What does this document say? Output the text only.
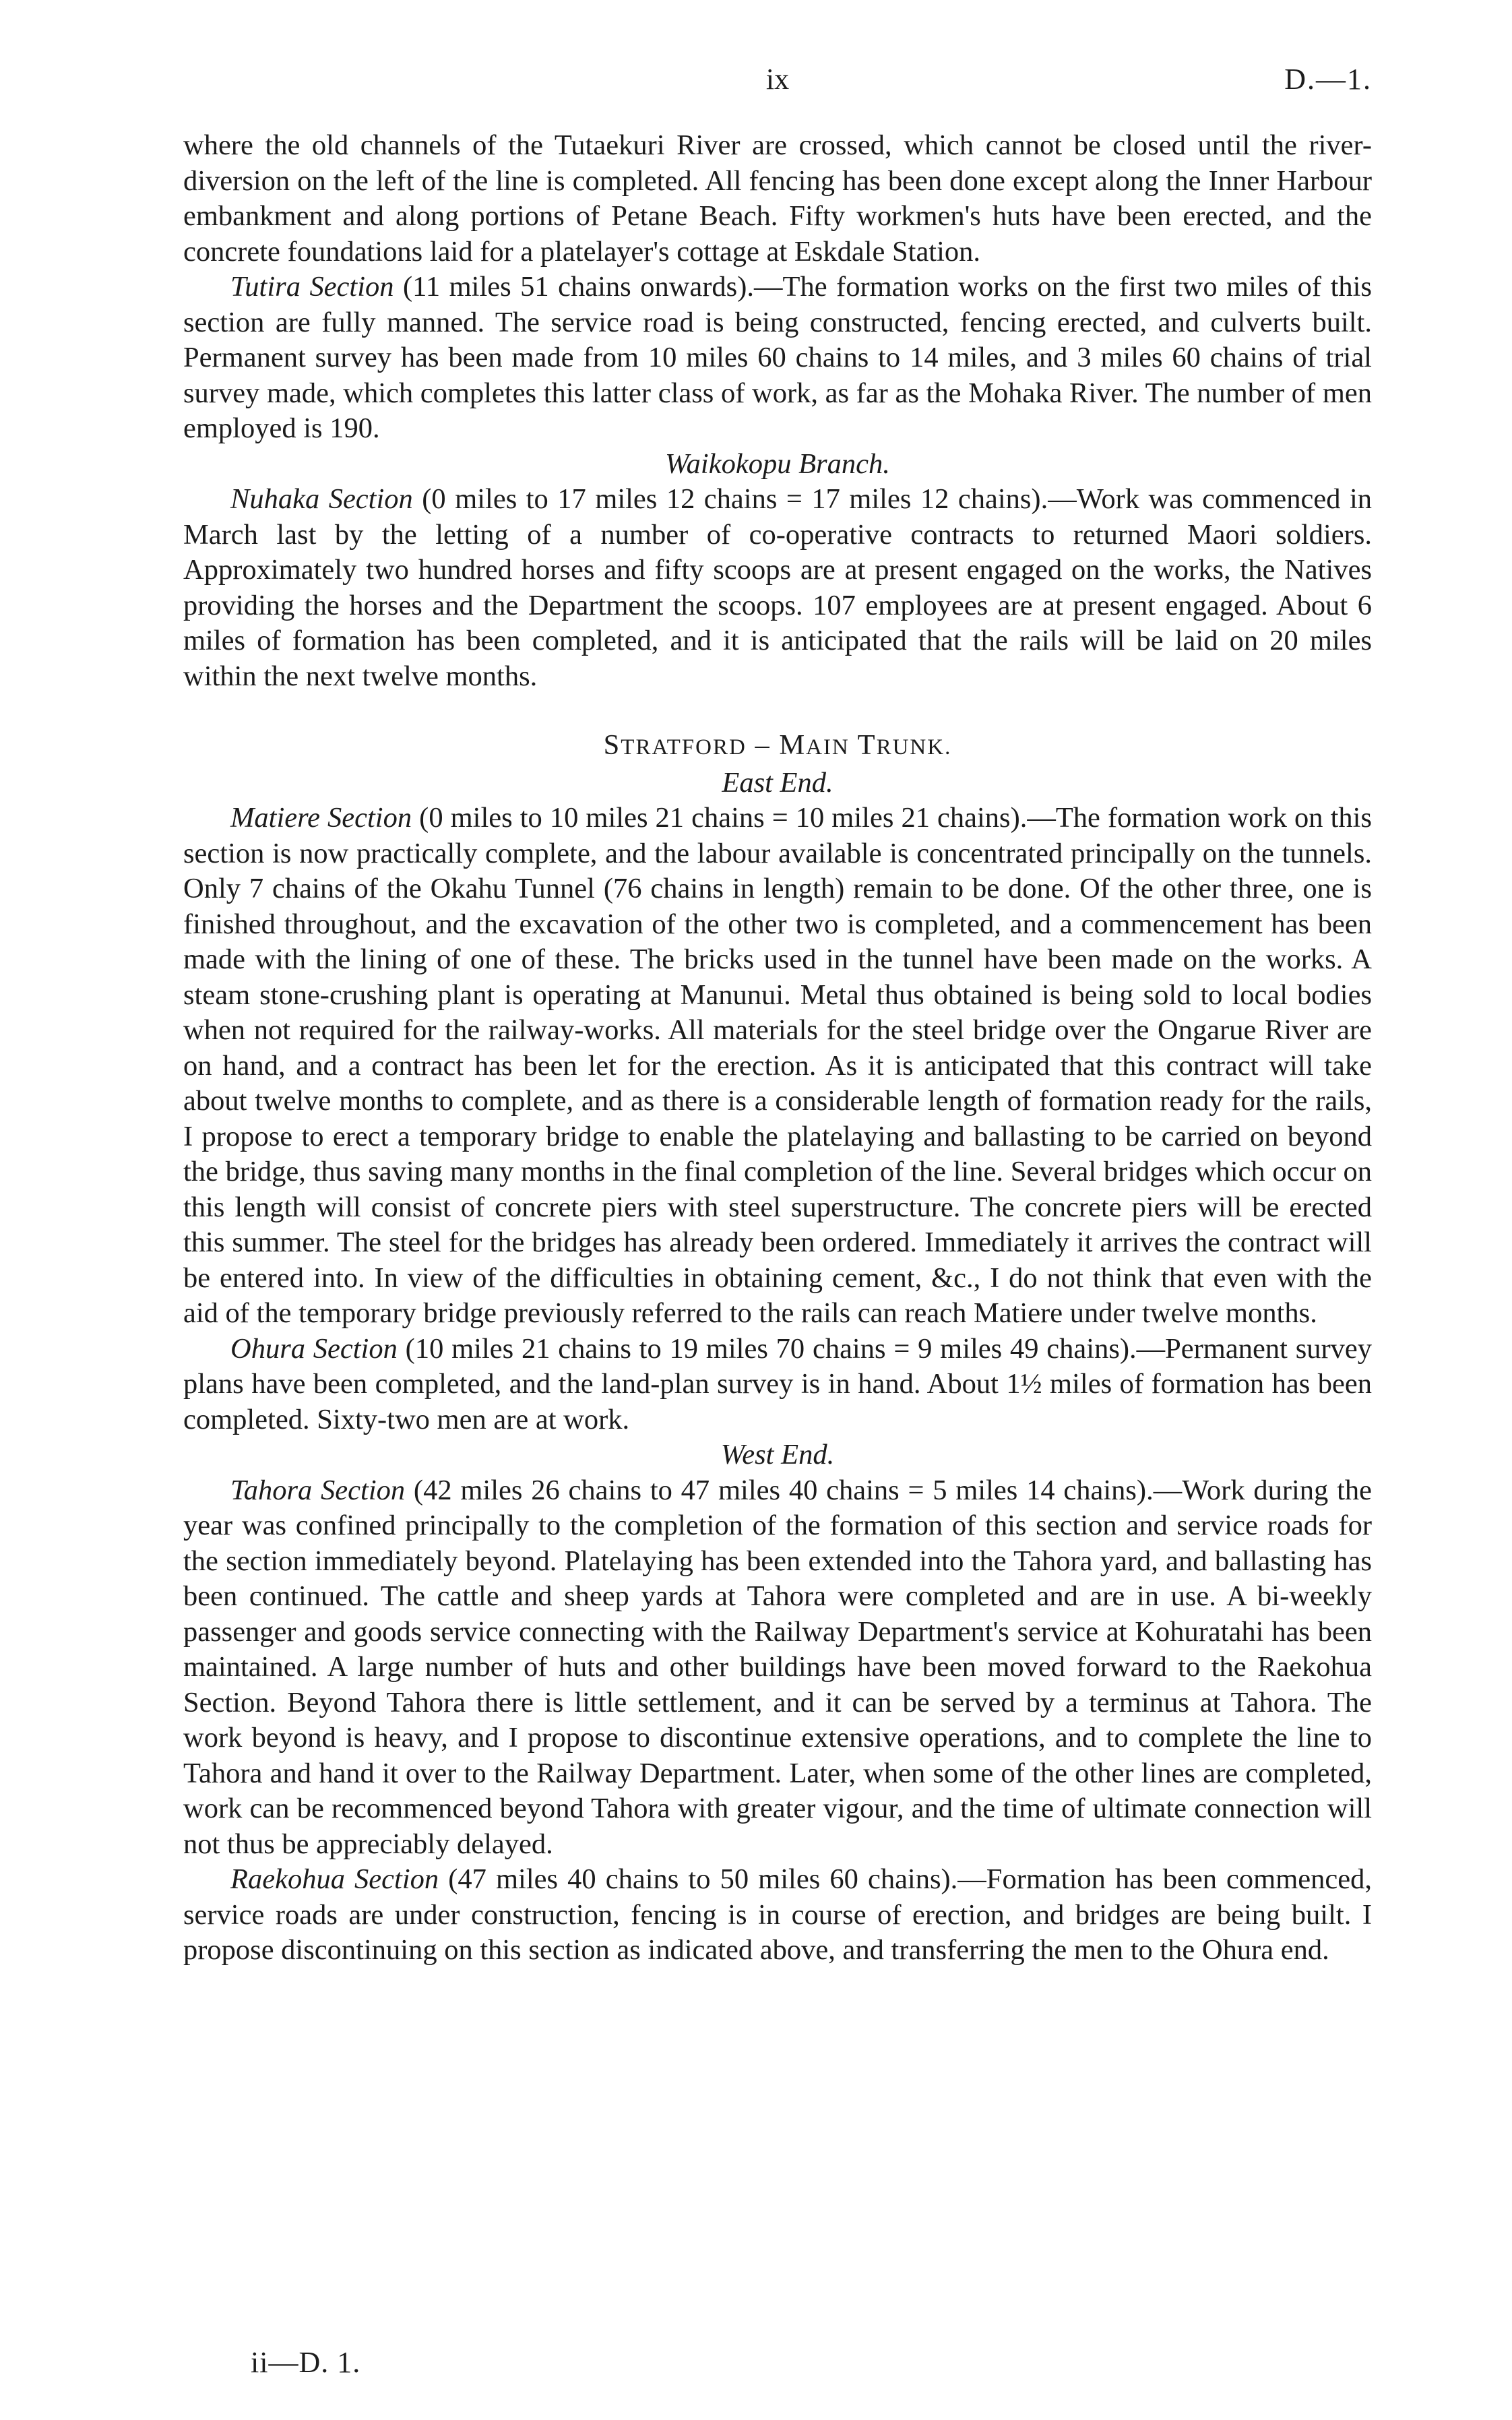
ix	D.—1.

where the old channels of the Tutaekuri River are crossed, which cannot be closed until the river-diversion on the left of the line is completed. All fencing has been done except along the Inner Harbour embankment and along portions of Petane Beach. Fifty workmen's huts have been erected, and the concrete foundations laid for a platelayer's cottage at Eskdale Station.

Tutira Section (11 miles 51 chains onwards).—The formation works on the first two miles of this section are fully manned. The service road is being constructed, fencing erected, and culverts built. Permanent survey has been made from 10 miles 60 chains to 14 miles, and 3 miles 60 chains of trial survey made, which completes this latter class of work, as far as the Mohaka River. The number of men employed is 190.

Waikokopu Branch.

Nuhaka Section (0 miles to 17 miles 12 chains = 17 miles 12 chains).—Work was commenced in March last by the letting of a number of co-operative contracts to returned Maori soldiers. Approximately two hundred horses and fifty scoops are at present engaged on the works, the Natives providing the horses and the Department the scoops. 107 employees are at present engaged. About 6 miles of formation has been completed, and it is anticipated that the rails will be laid on 20 miles within the next twelve months.

STRATFORD – MAIN TRUNK.

East End.

Matiere Section (0 miles to 10 miles 21 chains = 10 miles 21 chains).—The formation work on this section is now practically complete, and the labour available is concentrated principally on the tunnels. Only 7 chains of the Okahu Tunnel (76 chains in length) remain to be done. Of the other three, one is finished throughout, and the excavation of the other two is completed, and a commencement has been made with the lining of one of these. The bricks used in the tunnel have been made on the works. A steam stone-crushing plant is operating at Manunui. Metal thus obtained is being sold to local bodies when not required for the railway-works. All materials for the steel bridge over the Ongarue River are on hand, and a contract has been let for the erection. As it is anticipated that this contract will take about twelve months to complete, and as there is a considerable length of formation ready for the rails, I propose to erect a temporary bridge to enable the platelaying and ballasting to be carried on beyond the bridge, thus saving many months in the final completion of the line. Several bridges which occur on this length will consist of concrete piers with steel superstructure. The concrete piers will be erected this summer. The steel for the bridges has already been ordered. Immediately it arrives the contract will be entered into. In view of the difficulties in obtaining cement, &c., I do not think that even with the aid of the temporary bridge previously referred to the rails can reach Matiere under twelve months.

Ohura Section (10 miles 21 chains to 19 miles 70 chains = 9 miles 49 chains).—Permanent survey plans have been completed, and the land-plan survey is in hand. About 1½ miles of formation has been completed. Sixty-two men are at work.

West End.

Tahora Section (42 miles 26 chains to 47 miles 40 chains = 5 miles 14 chains).—Work during the year was confined principally to the completion of the formation of this section and service roads for the section immediately beyond. Platelaying has been extended into the Tahora yard, and ballasting has been continued. The cattle and sheep yards at Tahora were completed and are in use. A bi-weekly passenger and goods service connecting with the Railway Department's service at Kohuratahi has been maintained. A large number of huts and other buildings have been moved forward to the Raekohua Section. Beyond Tahora there is little settlement, and it can be served by a terminus at Tahora. The work beyond is heavy, and I propose to discontinue extensive operations, and to complete the line to Tahora and hand it over to the Railway Department. Later, when some of the other lines are completed, work can be recommenced beyond Tahora with greater vigour, and the time of ultimate connection will not thus be appreciably delayed.

Raekohua Section (47 miles 40 chains to 50 miles 60 chains).—Formation has been commenced, service roads are under construction, fencing is in course of erection, and bridges are being built. I propose discontinuing on this section as indicated above, and transferring the men to the Ohura end.

ii—D. 1.
